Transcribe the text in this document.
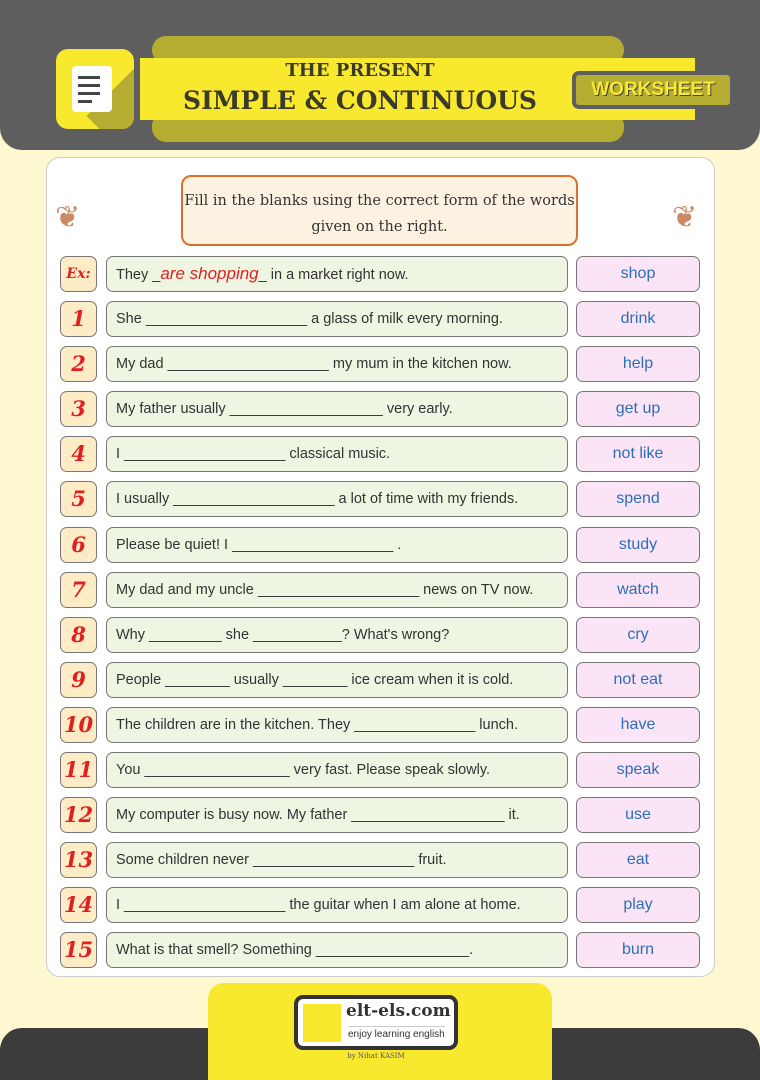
THE PRESENT
SIMPLE & CONTINUOUS	WORKSHEET
❦	❦
Fill in the blanks using the correct form of the words given on the right.
Ex:	They _are shopping_ in a market right now.	shop
1	She ____________________ a glass of milk every morning.	drink
2	My dad ____________________ my mum in the kitchen now.	help
3	My father usually ___________________ very early.	get up
4	I ____________________ classical music.	not like
5	I usually ____________________ a lot of time with my friends.	spend
6	Please be quiet! I ____________________ .	study
7	My dad and my uncle ____________________ news on TV now.	watch
8	Why _________ she ___________? What's wrong?	cry
9	People ________ usually ________ ice cream when it is cold.	not eat
10	The children are in the kitchen. They _______________ lunch.	have
11	You __________________ very fast. Please speak slowly.	speak
12	My computer is busy now. My father ___________________ it.	use
13	Some children never ____________________ fruit.	eat
14	I ____________________ the guitar when I am alone at home.	play
15	What is that smell? Something ___________________.	burn
elt-els.com
enjoy learning english
by Nihat KASIM
